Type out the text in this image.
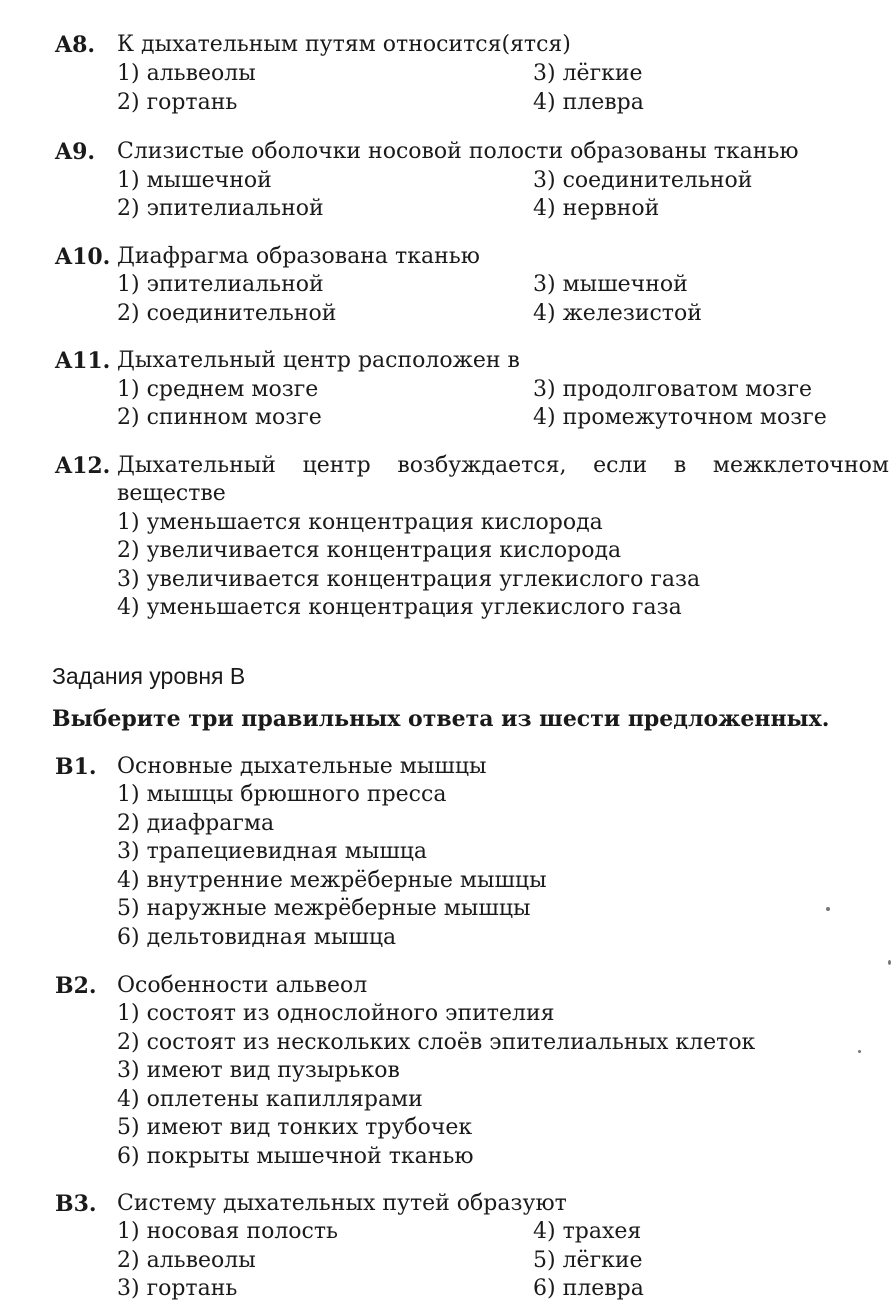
A8. К дыхательным путям относится(ятся)
1) альвеолы
2) гортань
3) лёгкие
4) плевра
A9. Слизистые оболочки носовой полости образованы тканью
1) мышечной
2) эпителиальной
3) соединительной
4) нервной
A10. Диафрагма образована тканью
1) эпителиальной
2) соединительной
3) мышечной
4) железистой
A11. Дыхательный центр расположен в
1) среднем мозге
2) спинном мозге
3) продолговатом мозге
4) промежуточном мозге
A12. Дыхательный центр возбуждается, если в межклеточном
веществе
1) уменьшается концентрация кислорода
2) увеличивается концентрация кислорода
3) увеличивается концентрация углекислого газа
4) уменьшается концентрация углекислого газа
Задания уровня В
Выберите три правильных ответа из шести предложенных.
B1. Основные дыхательные мышцы
1) мышцы брюшного пресса
2) диафрагма
3) трапециевидная мышца
4) внутренние межрёберные мышцы
5) наружные межрёберные мышцы
6) дельтовидная мышца
B2. Особенности альвеол
1) состоят из однослойного эпителия
2) состоят из нескольких слоёв эпителиальных клеток
3) имеют вид пузырьков
4) оплетены капиллярами
5) имеют вид тонких трубочек
6) покрыты мышечной тканью
B3. Систему дыхательных путей образуют
1) носовая полость
2) альвеолы
3) гортань
4) трахея
5) лёгкие
6) плевра
